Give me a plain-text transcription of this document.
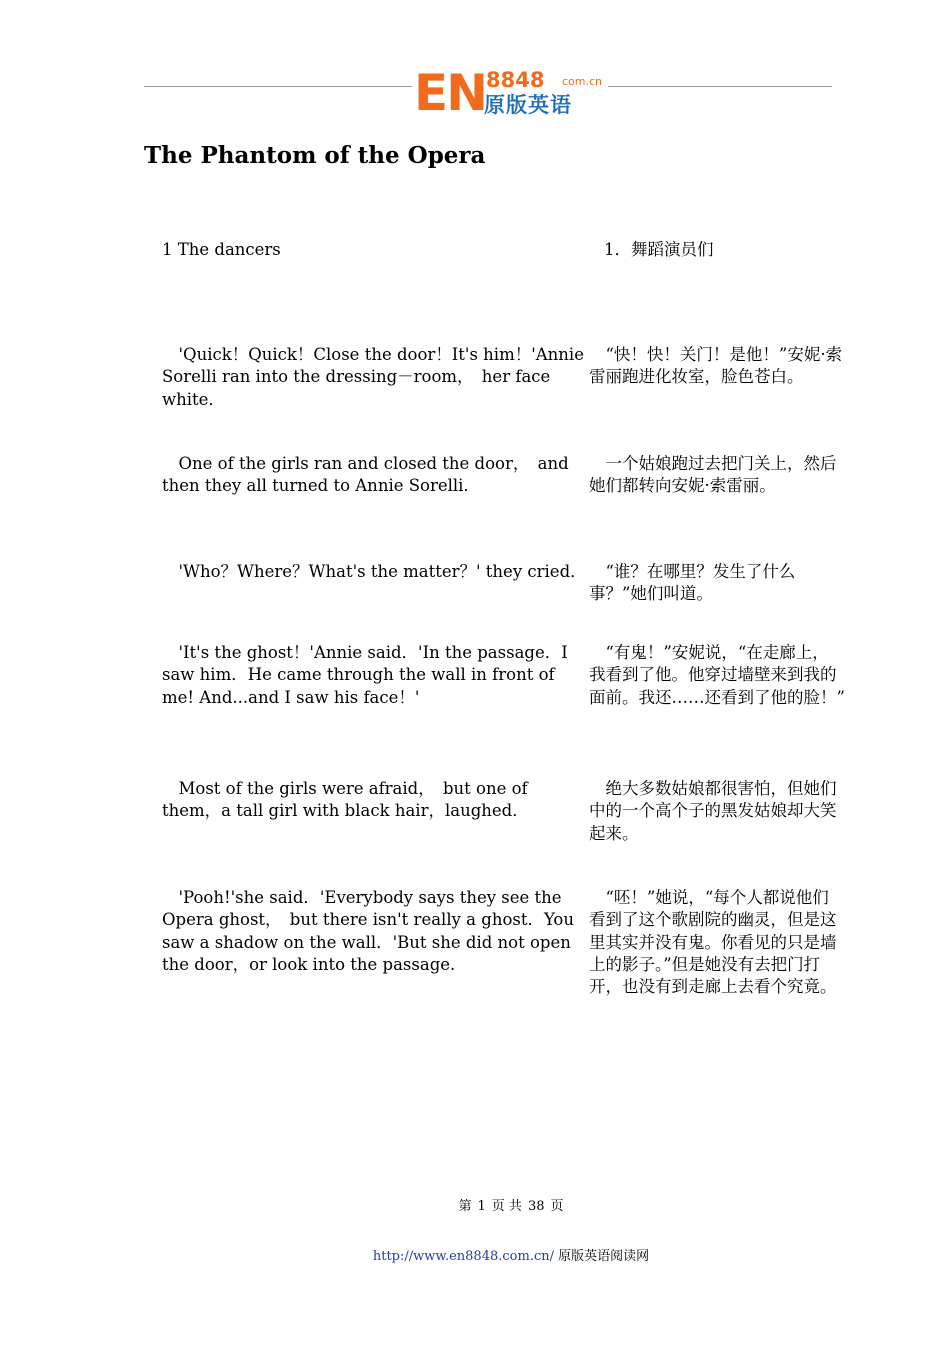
EN 8848 com.cn
原版英语
The Phantom of the Opera

1 The dancers	1．舞蹈演员们

　'Quick！Quick！Close the door！It's him！'Annie Sorelli ran into the dressing－room，　her face white．

　“快！快！关门！是他！”安妮·索雷丽跑进化妆室，脸色苍白。

　One of the girls ran and closed the door，　and then they all turned to Annie Sorelli．

　一个姑娘跑过去把门关上，然后她们都转向安妮·索雷丽。

　'Who？Where？What's the matter？' they cried． 　“谁？在哪里？发生了什么事？”她们叫道。

　'It's the ghost！'Annie said．'In the passage．I saw him．He came through the wall in front of me! And...and I saw his face！'

　“有鬼！”安妮说，“在走廊上，我看到了他。他穿过墙壁来到我的面前。我还……还看到了他的脸！”

　Most of the girls were afraid，　but one of them，a tall girl with black hair，laughed．

　绝大多数姑娘都很害怕，但她们中的一个高个子的黑发姑娘却大笑起来。

　'Pooh!'she said．'Everybody says they see the Opera ghost，　but there isn't really a ghost．You saw a shadow on the wall．'But she did not open the door，or look into the passage.

　“呸！”她说，“每个人都说他们看到了这个歌剧院的幽灵，但是这里其实并没有鬼。你看见的只是墙上的影子。”但是她没有去把门打开，也没有到走廊上去看个究竟。

第 1 页 共 38 页
http://www.en8848.com.cn/ 原版英语阅读网
